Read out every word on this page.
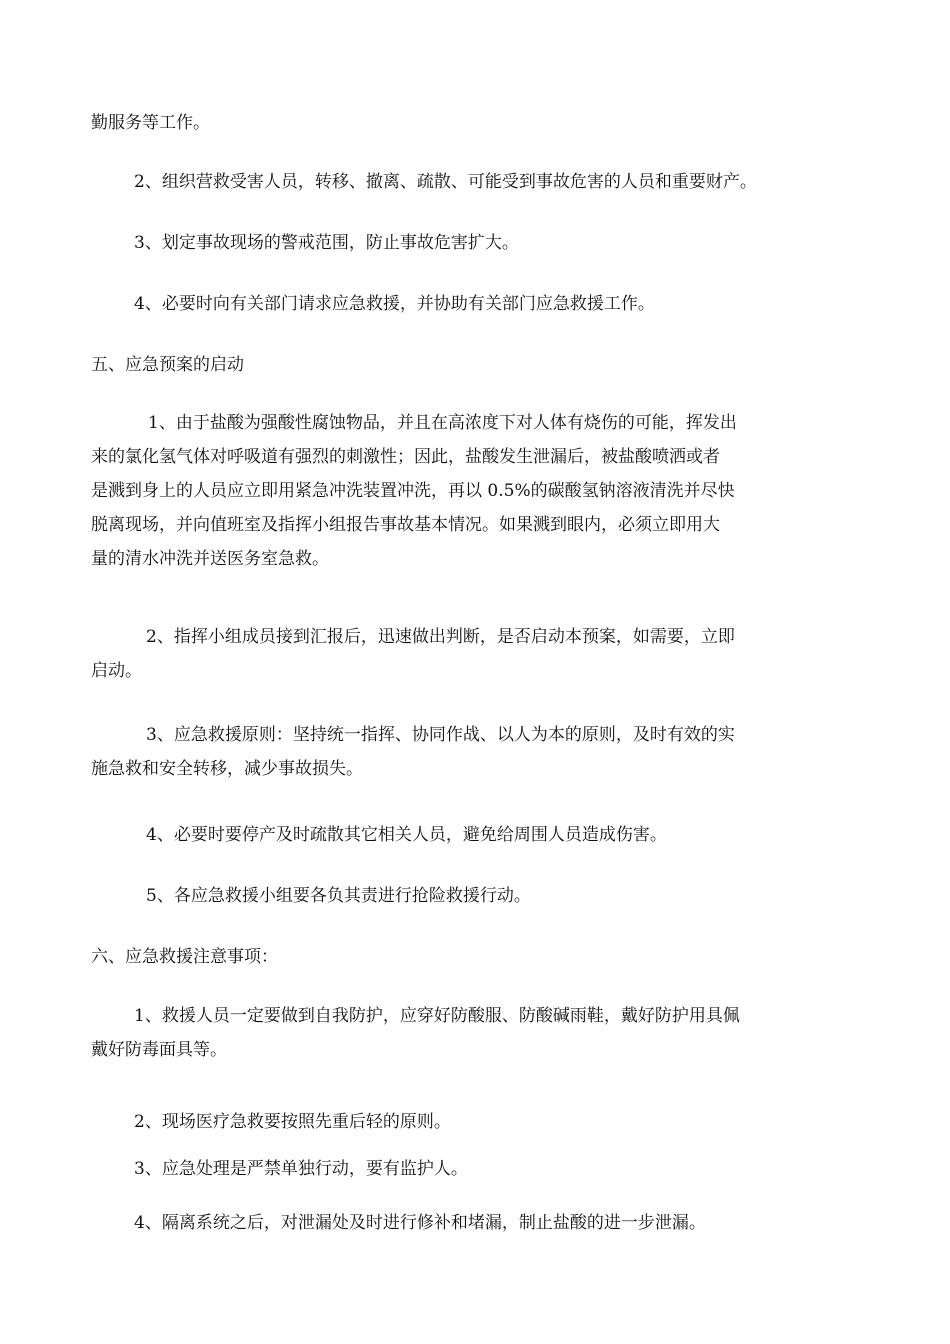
勤服务等工作。

2、组织营救受害人员，转移、撤离、疏散、可能受到事故危害的人员和重要财产。

3、划定事故现场的警戒范围，防止事故危害扩大。

4、必要时向有关部门请求应急救援，并协助有关部门应急救援工作。

五、应急预案的启动

1、由于盐酸为强酸性腐蚀物品，并且在高浓度下对人体有烧伤的可能，挥发出
来的氯化氢气体对呼吸道有强烈的刺激性；因此，盐酸发生泄漏后，被盐酸喷洒或者
是溅到身上的人员应立即用紧急冲洗装置冲洗，再以 0.5%的碳酸氢钠溶液清洗并尽快
脱离现场，并向值班室及指挥小组报告事故基本情况。如果溅到眼内，必须立即用大
量的清水冲洗并送医务室急救。

2、指挥小组成员接到汇报后，迅速做出判断，是否启动本预案，如需要，立即
启动。

3、应急救援原则：坚持统一指挥、协同作战、以人为本的原则，及时有效的实
施急救和安全转移，减少事故损失。

4、必要时要停产及时疏散其它相关人员，避免给周围人员造成伤害。

5、各应急救援小组要各负其责进行抢险救援行动。

六、应急救援注意事项：

1、救援人员一定要做到自我防护，应穿好防酸服、防酸碱雨鞋，戴好防护用具佩
戴好防毒面具等。

2、现场医疗急救要按照先重后轻的原则。

3、应急处理是严禁单独行动，要有监护人。

4、隔离系统之后，对泄漏处及时进行修补和堵漏，制止盐酸的进一步泄漏。
